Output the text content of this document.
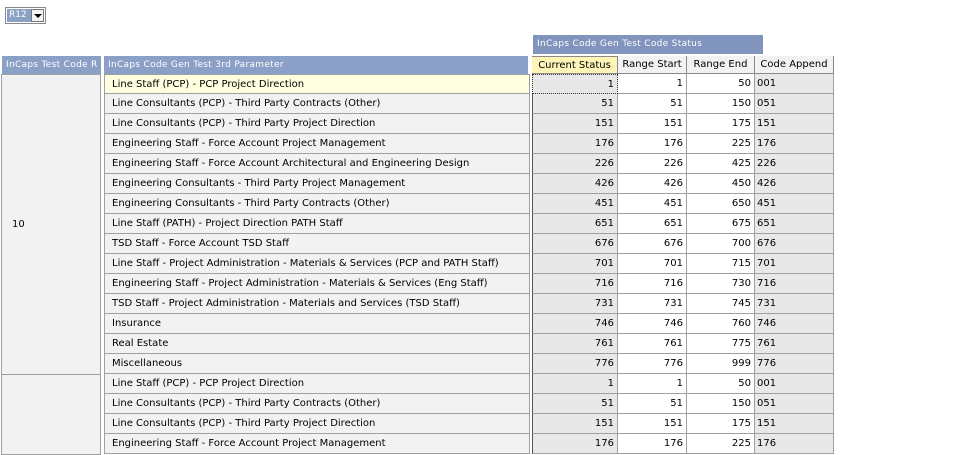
R12
InCaps Code Gen Test Code Status
InCaps Test Code R	InCaps Code Gen Test 3rd Parameter	Current Status	Range Start	Range End	Code Append
10
Line Staff (PCP) - PCP Project Direction	1	1	50 001
Line Consultants (PCP) - Third Party Contracts (Other)	51	51	150 051
Line Consultants (PCP) - Third Party Project Direction	151	151	175 151
Engineering Staff - Force Account Project Management	176	176	225 176
Engineering Staff - Force Account Architectural and Engineering Design	226	226	425 226
Engineering Consultants - Third Party Project Management	426	426	450 426
Engineering Consultants - Third Party Contracts (Other)	451	451	650 451
Line Staff (PATH) - Project Direction PATH Staff	651	651	675 651
TSD Staff - Force Account TSD Staff	676	676	700 676
Line Staff - Project Administration - Materials & Services (PCP and PATH Staff)	701	701	715 701
Engineering Staff - Project Administration - Materials & Services (Eng Staff)	716	716	730 716
TSD Staff - Project Administration - Materials and Services (TSD Staff)	731	731	745 731
Insurance	746	746	760 746
Real Estate	761	761	775 761
Miscellaneous	776	776	999 776
Line Staff (PCP) - PCP Project Direction	1	1	50 001
Line Consultants (PCP) - Third Party Contracts (Other)	51	51	150 051
Line Consultants (PCP) - Third Party Project Direction	151	151	175 151
Engineering Staff - Force Account Project Management	176	176	225 176
